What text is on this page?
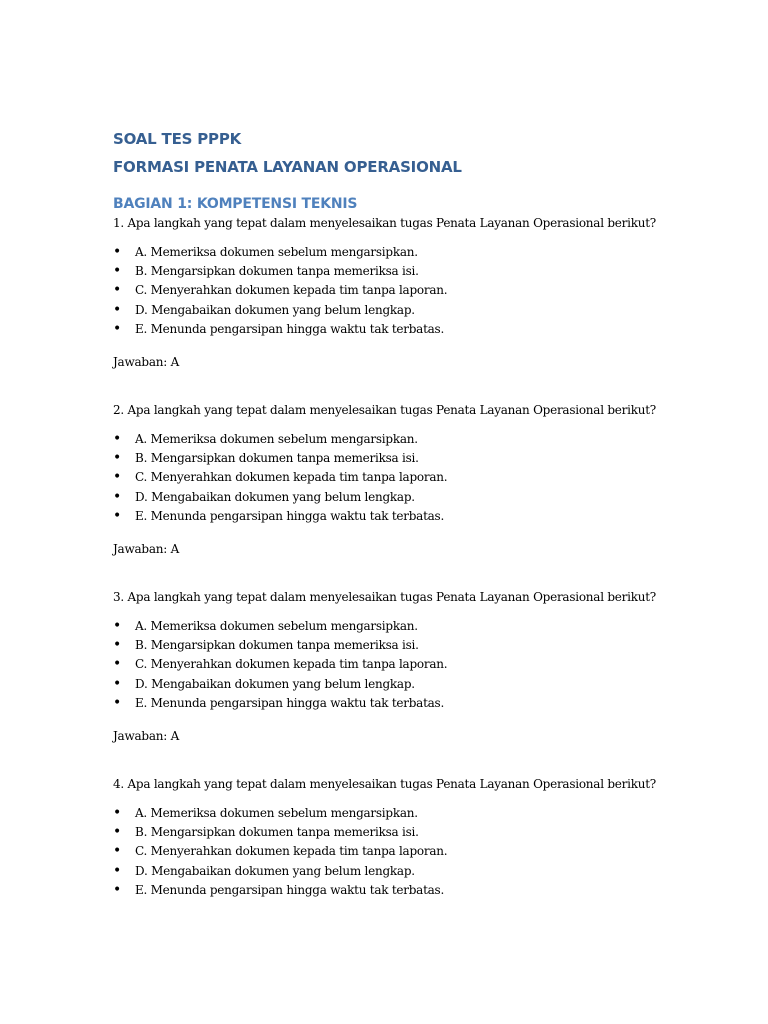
SOAL TES PPPK
FORMASI PENATA LAYANAN OPERASIONAL
BAGIAN 1: KOMPETENSI TEKNIS

1. Apa langkah yang tepat dalam menyelesaikan tugas Penata Layanan Operasional berikut?

• A. Memeriksa dokumen sebelum mengarsipkan.
• B. Mengarsipkan dokumen tanpa memeriksa isi.
• C. Menyerahkan dokumen kepada tim tanpa laporan.
• D. Mengabaikan dokumen yang belum lengkap.
• E. Menunda pengarsipan hingga waktu tak terbatas.

Jawaban: A

2. Apa langkah yang tepat dalam menyelesaikan tugas Penata Layanan Operasional berikut?

• A. Memeriksa dokumen sebelum mengarsipkan.
• B. Mengarsipkan dokumen tanpa memeriksa isi.
• C. Menyerahkan dokumen kepada tim tanpa laporan.
• D. Mengabaikan dokumen yang belum lengkap.
• E. Menunda pengarsipan hingga waktu tak terbatas.

Jawaban: A

3. Apa langkah yang tepat dalam menyelesaikan tugas Penata Layanan Operasional berikut?

• A. Memeriksa dokumen sebelum mengarsipkan.
• B. Mengarsipkan dokumen tanpa memeriksa isi.
• C. Menyerahkan dokumen kepada tim tanpa laporan.
• D. Mengabaikan dokumen yang belum lengkap.
• E. Menunda pengarsipan hingga waktu tak terbatas.

Jawaban: A

4. Apa langkah yang tepat dalam menyelesaikan tugas Penata Layanan Operasional berikut?

• A. Memeriksa dokumen sebelum mengarsipkan.
• B. Mengarsipkan dokumen tanpa memeriksa isi.
• C. Menyerahkan dokumen kepada tim tanpa laporan.
• D. Mengabaikan dokumen yang belum lengkap.
• E. Menunda pengarsipan hingga waktu tak terbatas.
